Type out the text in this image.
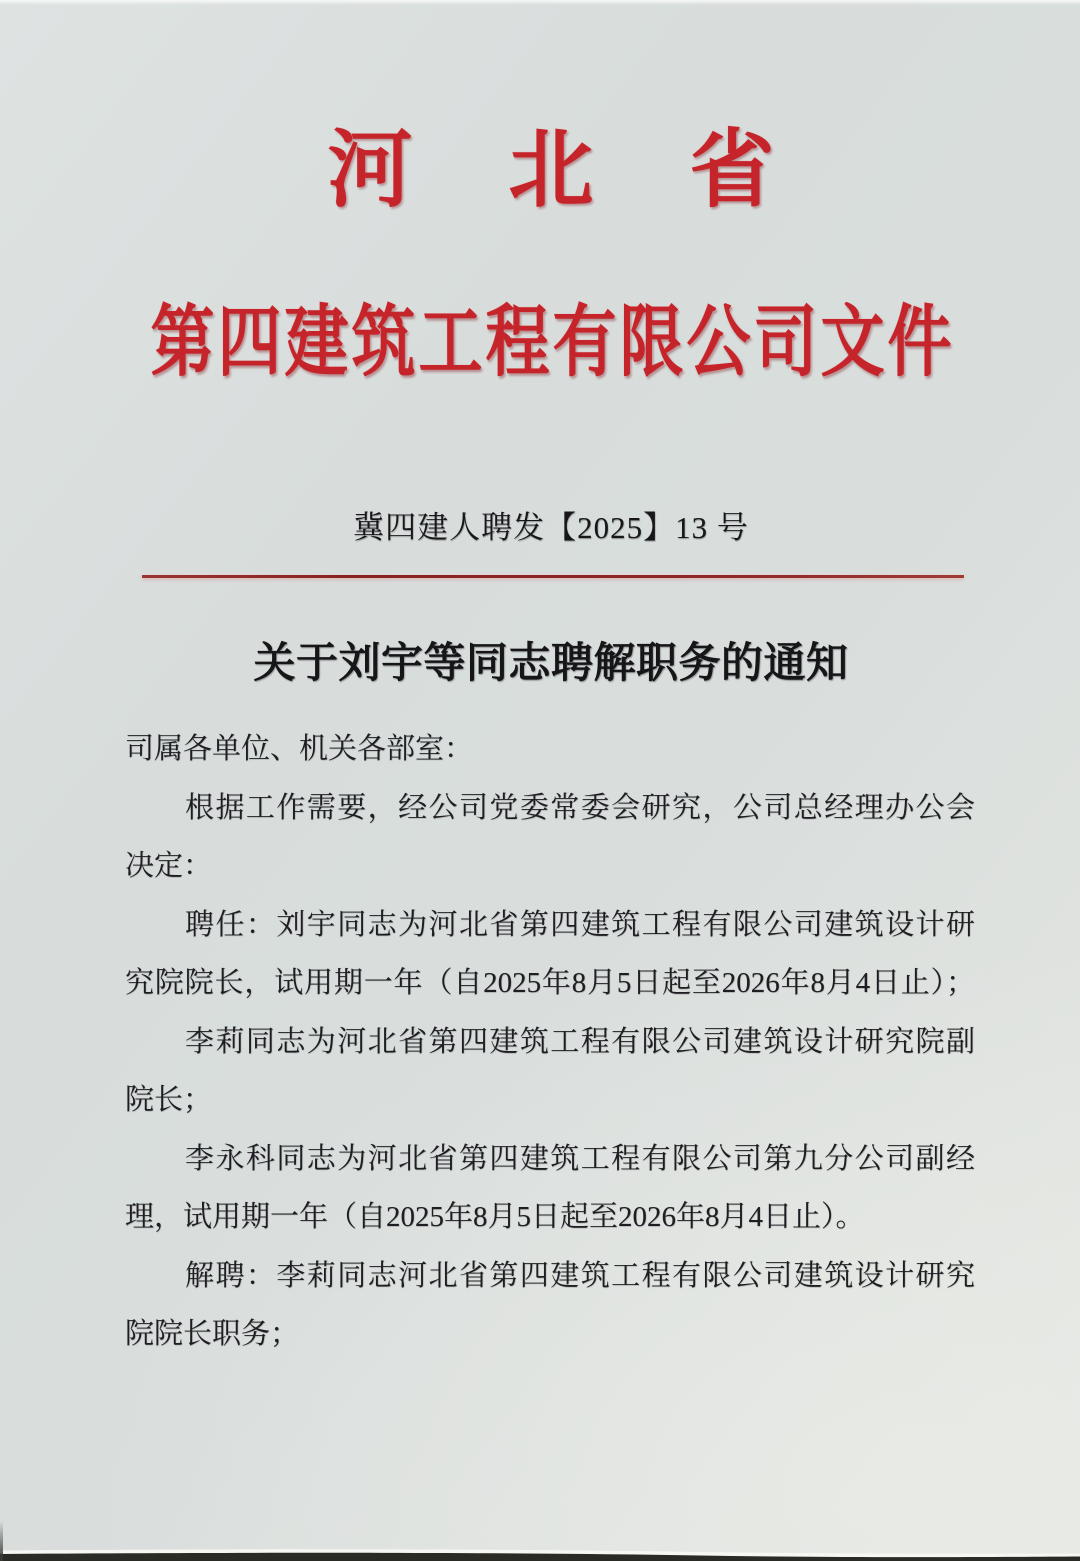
河北省
第四建筑工程有限公司文件
冀四建人聘发【2025】13 号
关于刘宇等同志聘解职务的通知
司属各单位、机关各部室：
根据工作需要，经公司党委常委会研究，公司总经理办公会
决定：
聘任：刘宇同志为河北省第四建筑工程有限公司建筑设计研
究院院长，试用期一年（自2025年8月5日起至2026年8月4日止）；
李莉同志为河北省第四建筑工程有限公司建筑设计研究院副
院长；
李永科同志为河北省第四建筑工程有限公司第九分公司副经
理，试用期一年（自2025年8月5日起至2026年8月4日止）。
解聘：李莉同志河北省第四建筑工程有限公司建筑设计研究
院院长职务；
